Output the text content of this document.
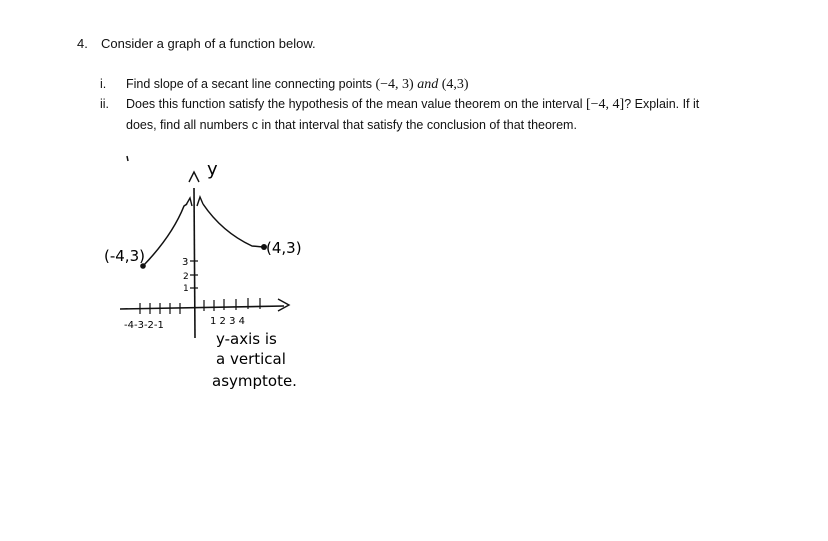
4. Consider a graph of a function below.
i. Find slope of a secant line connecting points (−4, 3) and (4,3)
ii. Does this function satisfy the hypothesis of the mean value theorem on the interval [−4, 4]? Explain. If it
does, find all numbers c in that interval that satisfy the conclusion of that theorem.
y
(-4,3)	(4,3)
3
2
1
-4-3-2-1	1 2 3 4
y-axis is
a vertical
asymptote.
